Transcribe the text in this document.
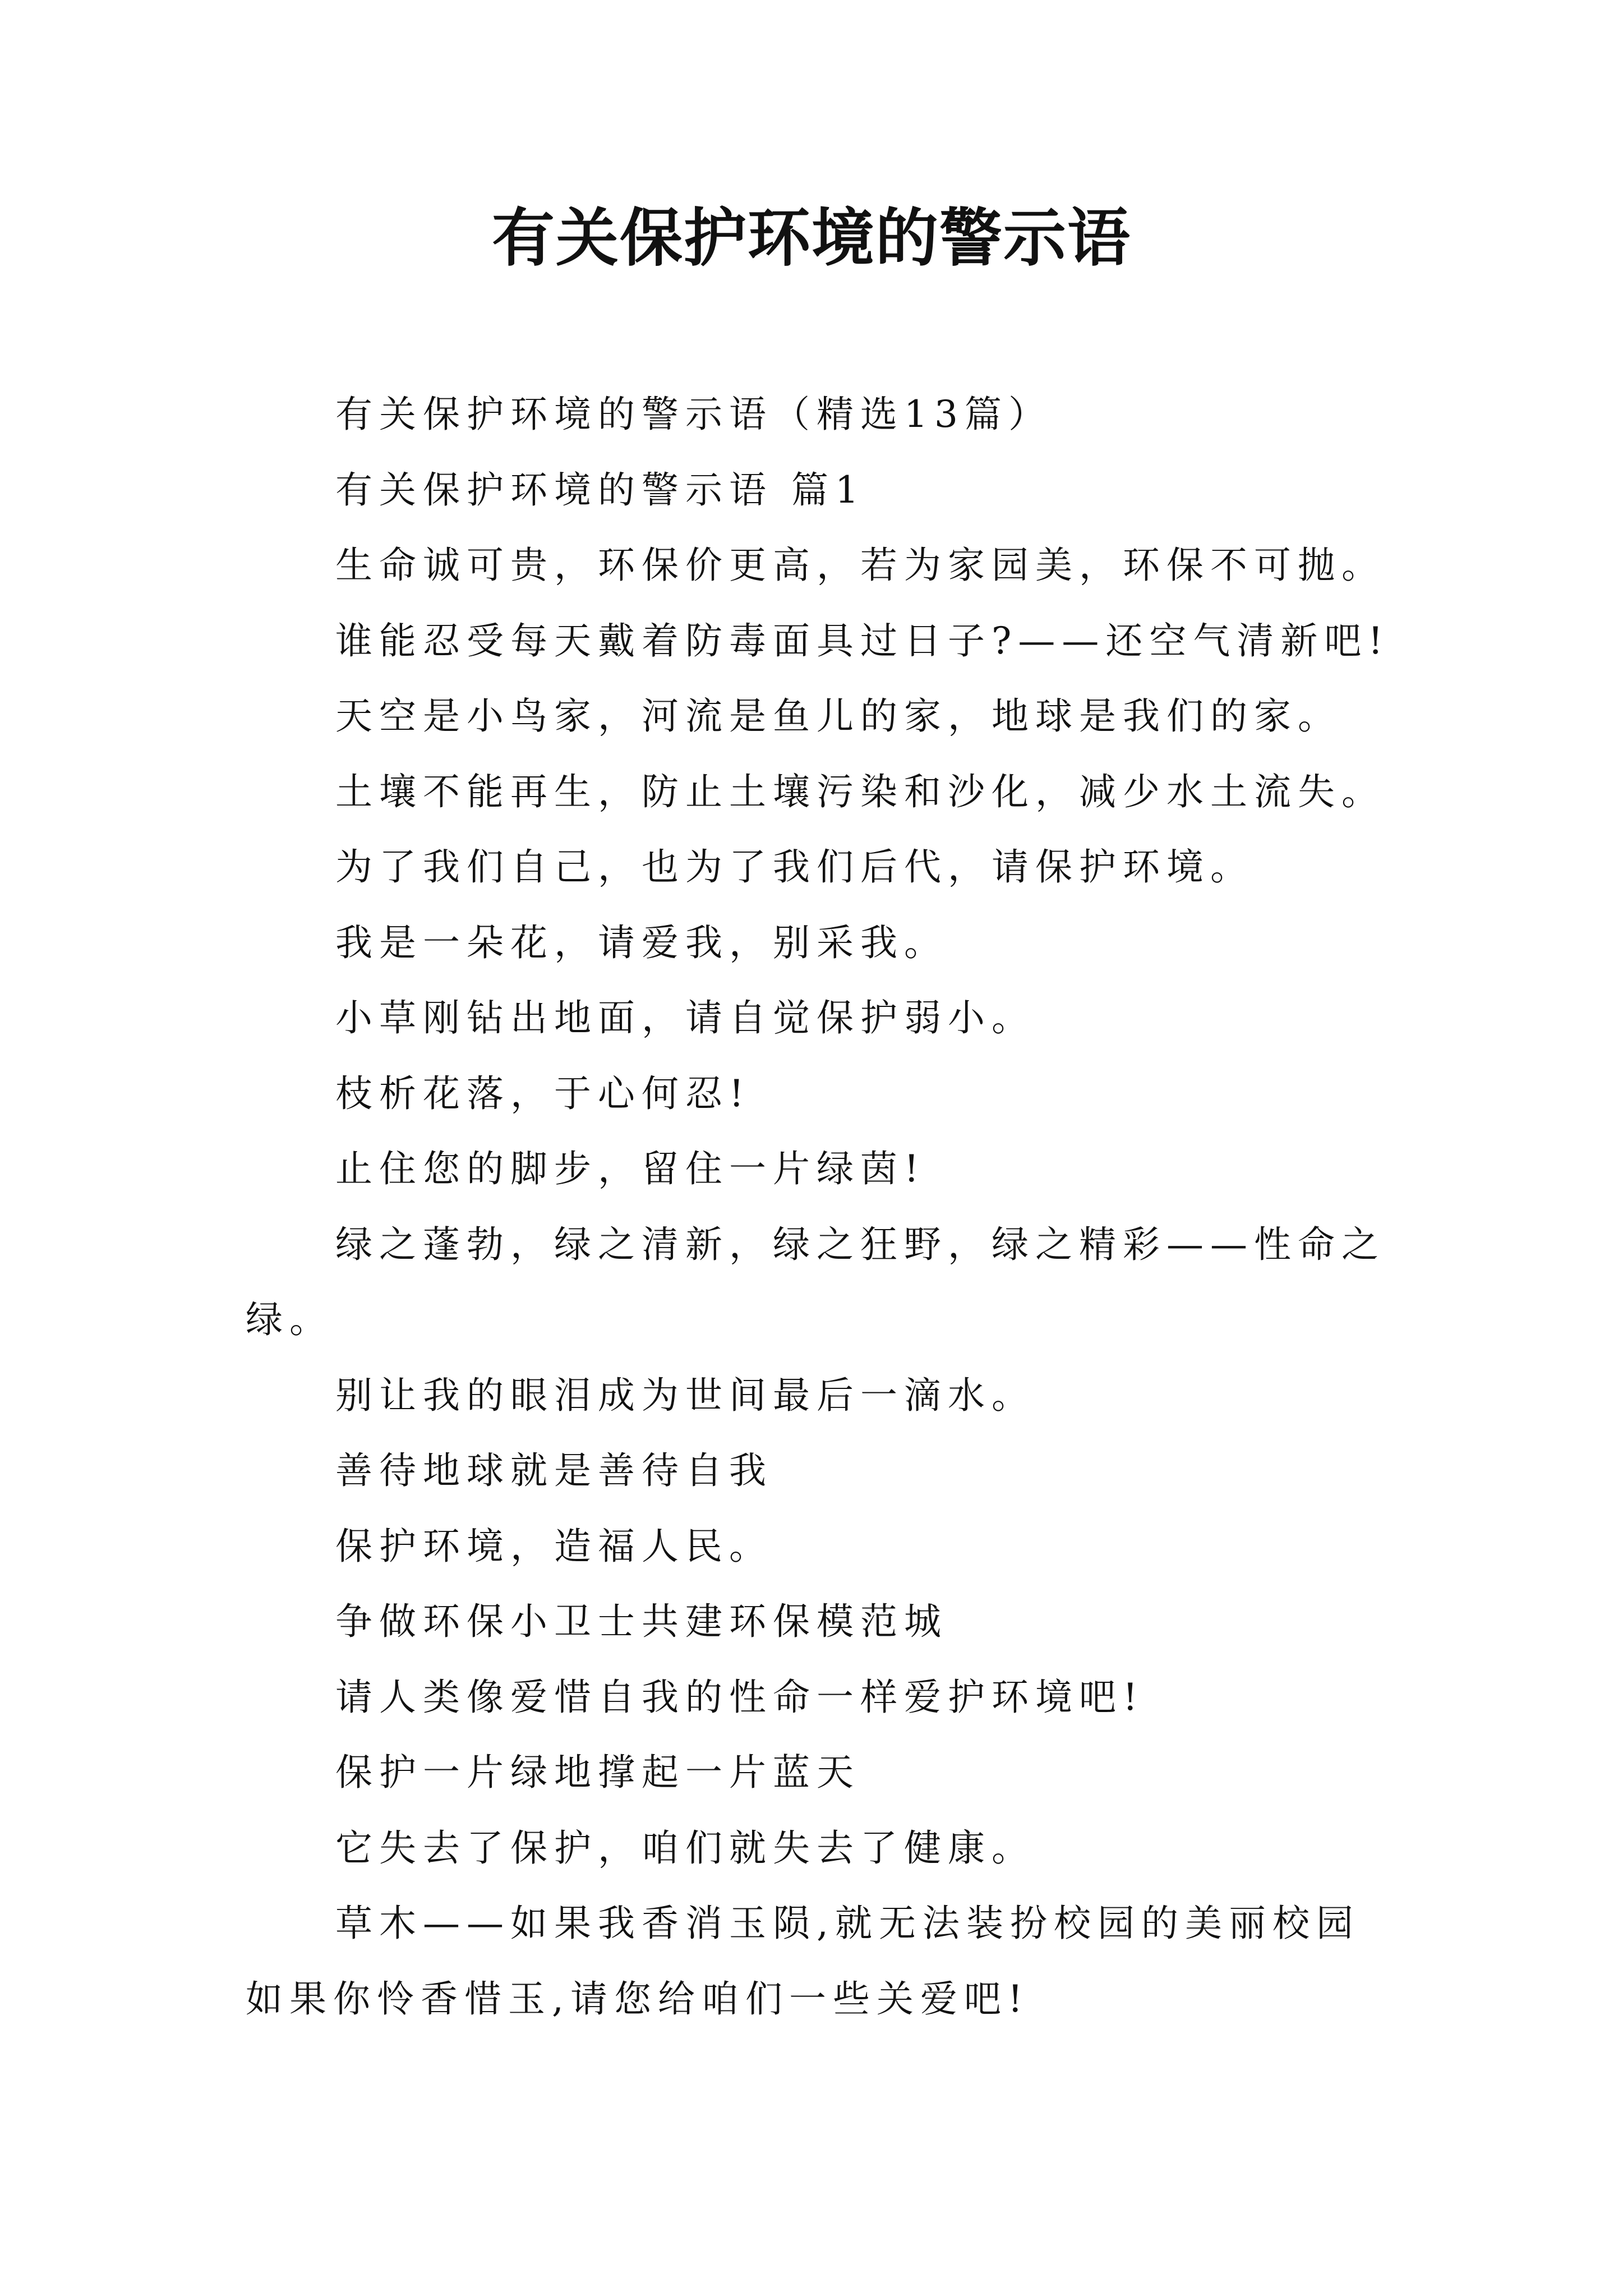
有关保护环境的警示语

有关保护环境的警示语（精选13篇）

有关保护环境的警示语 篇1

生命诚可贵，环保价更高，若为家园美，环保不可抛。

谁能忍受每天戴着防毒面具过日子?——还空气清新吧!

天空是小鸟家，河流是鱼儿的家，地球是我们的家。

土壤不能再生，防止土壤污染和沙化，减少水土流失。

为了我们自己，也为了我们后代，请保护环境。

我是一朵花，请爱我，别采我。

小草刚钻出地面，请自觉保护弱小。

枝析花落，于心何忍!

止住您的脚步，留住一片绿茵!

绿之蓬勃，绿之清新，绿之狂野，绿之精彩——性命之绿。

别让我的眼泪成为世间最后一滴水。

善待地球就是善待自我

保护环境，造福人民。

争做环保小卫士共建环保模范城

请人类像爱惜自我的性命一样爱护环境吧!

保护一片绿地撑起一片蓝天

它失去了保护，咱们就失去了健康。

草木——如果我香消玉陨,就无法装扮校园的美丽校园如果你怜香惜玉,请您给咱们一些关爱吧!
